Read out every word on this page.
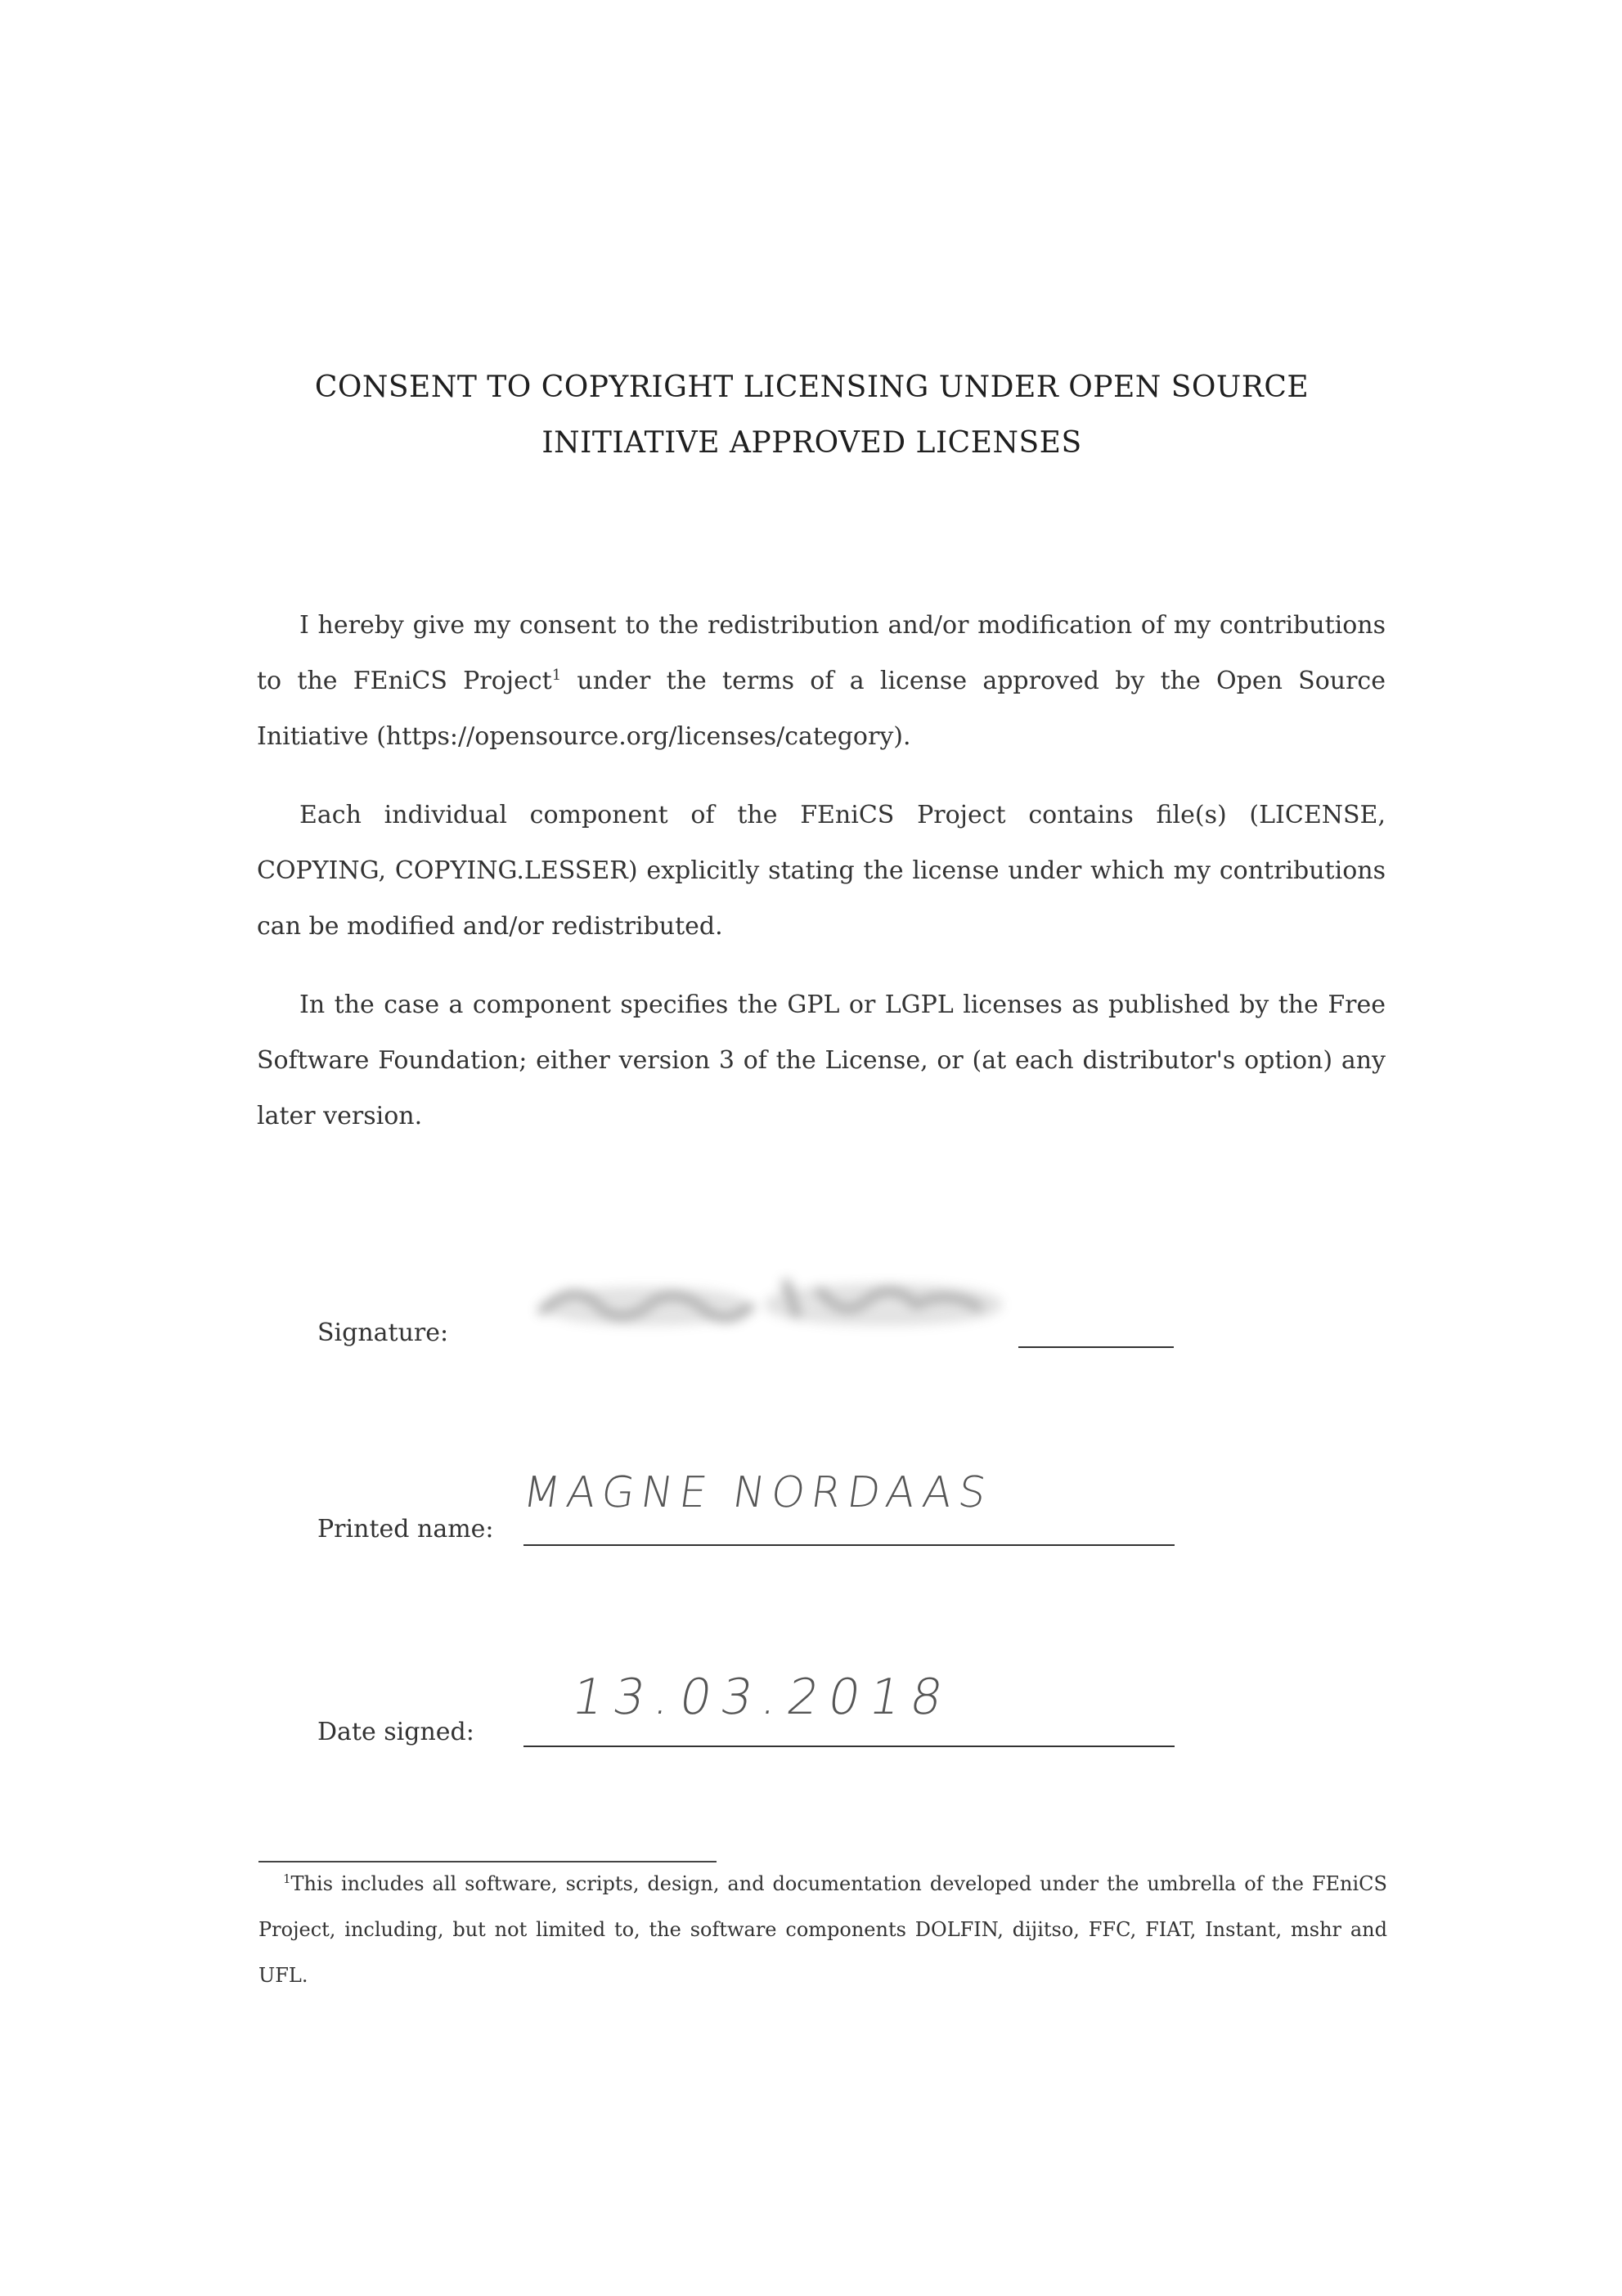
CONSENT TO COPYRIGHT LICENSING UNDER OPEN SOURCE
INITIATIVE APPROVED LICENSES
I hereby give my consent to the redistribution and/or modification of my contributions to the FEniCS Project$^1$ under the terms of a license approved by the Open Source Initiative (https://opensource.org/licenses/category).
Each individual component of the FEniCS Project contains file(s) (LICENSE, COPYING, COPYING.LESSER) explicitly stating the license under which my contributions can be modified and/or redistributed.
In the case a component specifies the GPL or LGPL licenses as published by the Free Software Foundation; either version 3 of the License, or (at each distributor's option) any later version.
Signature:
Printed name:
MAGNE NORDAAS
Date signed:
13.03.2018
$^1$This includes all software, scripts, design, and documentation developed under the umbrella of the FEniCS Project, including, but not limited to, the software components DOLFIN, dijitso, FFC, FIAT, Instant, mshr and UFL.
